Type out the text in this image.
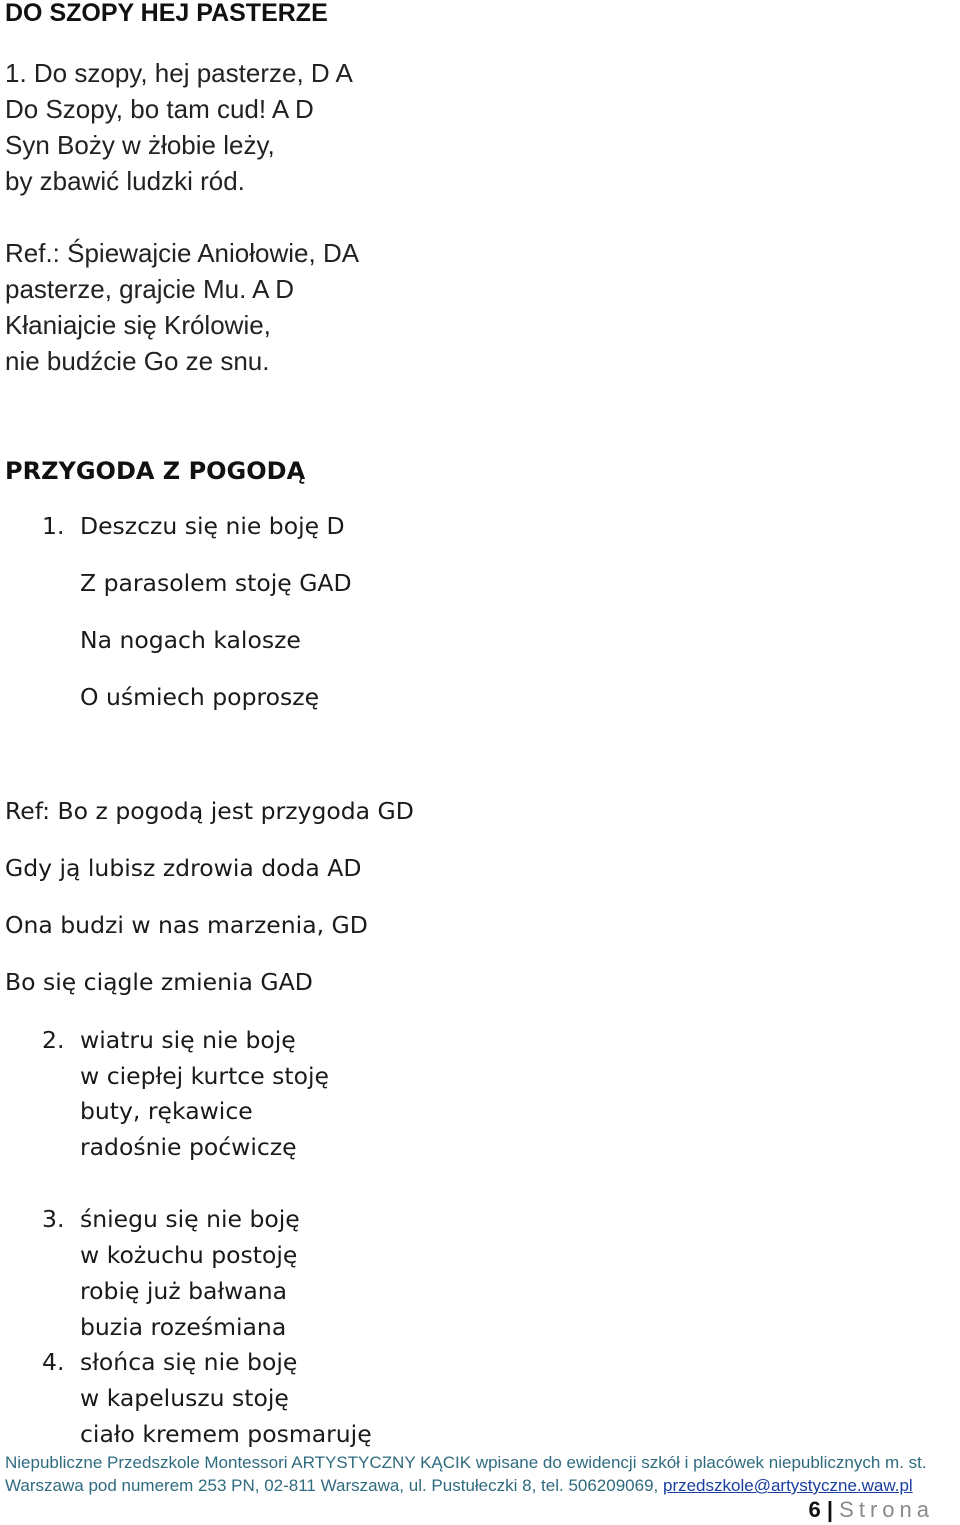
DO SZOPY HEJ PASTERZE
1. Do szopy, hej pasterze, D A
Do Szopy, bo tam cud! A D
Syn Boży w żłobie leży,
by zbawić ludzki ród.
Ref.: Śpiewajcie Aniołowie, DA
pasterze, grajcie Mu. A D
Kłaniajcie się Królowie,
nie budźcie Go ze snu.
PRZYGODA Z POGODĄ
1. Deszczu się nie boję D
Z parasolem stoję GAD
Na nogach kalosze
O uśmiech poproszę
Ref: Bo z pogodą jest przygoda GD
Gdy ją lubisz zdrowia doda AD
Ona budzi w nas marzenia, GD
Bo się ciągle zmienia GAD
2. wiatru się nie boję
w ciepłej kurtce stoję
buty, rękawice
radośnie poćwiczę
3. śniegu się nie boję
w kożuchu postoję
robię już bałwana
buzia roześmiana
4. słońca się nie boję
w kapeluszu stoję
ciało kremem posmaruję
Niepubliczne Przedszkole Montessori ARTYSTYCZNY KĄCIK wpisane do ewidencji szkół i placówek niepublicznych m. st.
Warszawa pod numerem 253 PN, 02-811 Warszawa, ul. Pustułeczki 8, tel. 506209069, przedszkole@artystyczne.waw.pl
6 | Strona
